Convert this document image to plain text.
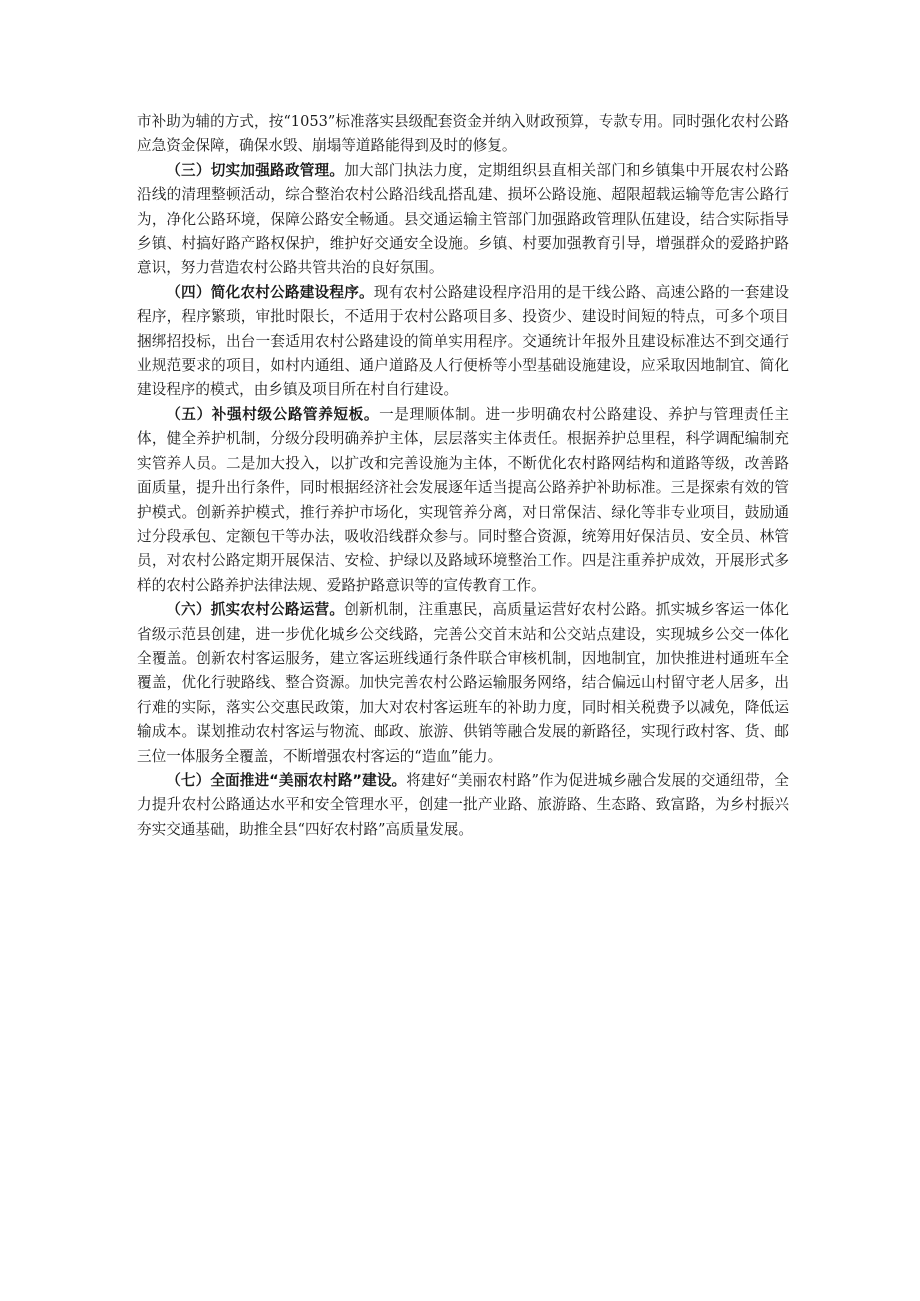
市补助为辅的方式，按“1053”标准落实县级配套资金并纳入财政预算，专款专用。同时强化农村公路应急资金保障，确保水毁、崩塌等道路能得到及时的修复。

（三）切实加强路政管理。加大部门执法力度，定期组织县直相关部门和乡镇集中开展农村公路沿线的清理整顿活动，综合整治农村公路沿线乱搭乱建、损坏公路设施、超限超载运输等危害公路行为，净化公路环境，保障公路安全畅通。县交通运输主管部门加强路政管理队伍建设，结合实际指导乡镇、村搞好路产路权保护，维护好交通安全设施。乡镇、村要加强教育引导，增强群众的爱路护路意识，努力营造农村公路共管共治的良好氛围。

（四）简化农村公路建设程序。现有农村公路建设程序沿用的是干线公路、高速公路的一套建设程序，程序繁琐，审批时限长，不适用于农村公路项目多、投资少、建设时间短的特点，可多个项目捆绑招投标，出台一套适用农村公路建设的简单实用程序。交通统计年报外且建设标准达不到交通行业规范要求的项目，如村内通组、通户道路及人行便桥等小型基础设施建设，应采取因地制宜、简化建设程序的模式，由乡镇及项目所在村自行建设。

（五）补强村级公路管养短板。一是理顺体制。进一步明确农村公路建设、养护与管理责任主体，健全养护机制，分级分段明确养护主体，层层落实主体责任。根据养护总里程，科学调配编制充实管养人员。二是加大投入，以扩改和完善设施为主体，不断优化农村路网结构和道路等级，改善路面质量，提升出行条件，同时根据经济社会发展逐年适当提高公路养护补助标准。三是探索有效的管护模式。创新养护模式，推行养护市场化，实现管养分离，对日常保洁、绿化等非专业项目，鼓励通过分段承包、定额包干等办法，吸收沿线群众参与。同时整合资源，统筹用好保洁员、安全员、林管员，对农村公路定期开展保洁、安检、护绿以及路域环境整治工作。四是注重养护成效，开展形式多样的农村公路养护法律法规、爱路护路意识等的宣传教育工作。

（六）抓实农村公路运营。创新机制，注重惠民，高质量运营好农村公路。抓实城乡客运一体化省级示范县创建，进一步优化城乡公交线路，完善公交首末站和公交站点建设，实现城乡公交一体化全覆盖。创新农村客运服务，建立客运班线通行条件联合审核机制，因地制宜，加快推进村通班车全覆盖，优化行驶路线、整合资源。加快完善农村公路运输服务网络，结合偏远山村留守老人居多，出行难的实际，落实公交惠民政策，加大对农村客运班车的补助力度，同时相关税费予以减免，降低运输成本。谋划推动农村客运与物流、邮政、旅游、供销等融合发展的新路径，实现行政村客、货、邮三位一体服务全覆盖，不断增强农村客运的“造血”能力。

（七）全面推进“美丽农村路”建设。将建好“美丽农村路”作为促进城乡融合发展的交通纽带，全力提升农村公路通达水平和安全管理水平，创建一批产业路、旅游路、生态路、致富路，为乡村振兴夯实交通基础，助推全县“四好农村路”高质量发展。
